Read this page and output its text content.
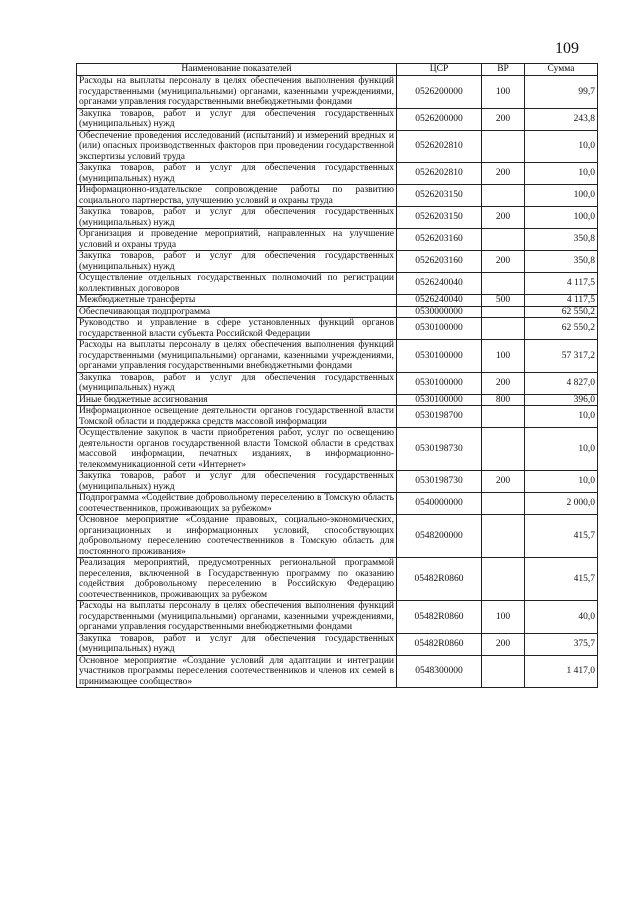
109
Наименование показателей	ЦСР	ВР	Сумма
Расходы на выплаты персоналу в целях обеспечения выполнения функций государственными (муниципальными) органами, казенными учреждениями, органами управления государственными внебюджетными фондами	0526200000	100	99,7
Закупка товаров, работ и услуг для обеспечения государственных (муниципальных) нужд	0526200000	200	243,8
Обеспечение проведения исследований (испытаний) и измерений вредных и (или) опасных производственных факторов при проведении государственной экспертизы условий труда	0526202810		10,0
Закупка товаров, работ и услуг для обеспечения государственных (муниципальных) нужд	0526202810	200	10,0
Информационно-издательское сопровождение работы по развитию социального партнерства, улучшению условий и охраны труда	0526203150		100,0
Закупка товаров, работ и услуг для обеспечения государственных (муниципальных) нужд	0526203150	200	100,0
Организация и проведение мероприятий, направленных на улучшение условий и охраны труда	0526203160		350,8
Закупка товаров, работ и услуг для обеспечения государственных (муниципальных) нужд	0526203160	200	350,8
Осуществление отдельных государственных полномочий по регистрации коллективных договоров	0526240040		4 117,5
Межбюджетные трансферты	0526240040	500	4 117,5
Обеспечивающая подпрограмма	0530000000		62 550,2
Руководство и управление в сфере установленных функций органов государственной власти субъекта Российской Федерации	0530100000		62 550,2
Расходы на выплаты персоналу в целях обеспечения выполнения функций государственными (муниципальными) органами, казенными учреждениями, органами управления государственными внебюджетными фондами	0530100000	100	57 317,2
Закупка товаров, работ и услуг для обеспечения государственных (муниципальных) нужд	0530100000	200	4 827,0
Иные бюджетные ассигнования	0530100000	800	396,0
Информационное освещение деятельности органов государственной власти Томской области и поддержка средств массовой информации	0530198700		10,0
Осуществление закупок в части приобретения работ, услуг по освещению деятельности органов государственной власти Томской области в средствах массовой информации, печатных изданиях, в информационно-телекоммуникационной сети «Интернет»	0530198730		10,0
Закупка товаров, работ и услуг для обеспечения государственных (муниципальных) нужд	0530198730	200	10,0
Подпрограмма «Содействие добровольному переселению в Томскую область соотечественников, проживающих за рубежом»	0540000000		2 000,0
Основное мероприятие «Создание правовых, социально-экономических, организационных и информационных условий, способствующих добровольному переселению соотечественников в Томскую область для постоянного проживания»	0548200000		415,7
Реализация мероприятий, предусмотренных региональной программой переселения, включенной в Государственную программу по оказанию содействия добровольному переселению в Российскую Федерацию соотечественников, проживающих за рубежом	05482R0860		415,7
Расходы на выплаты персоналу в целях обеспечения выполнения функций государственными (муниципальными) органами, казенными учреждениями, органами управления государственными внебюджетными фондами	05482R0860	100	40,0
Закупка товаров, работ и услуг для обеспечения государственных (муниципальных) нужд	05482R0860	200	375,7
Основное мероприятие «Создание условий для адаптации и интеграции участников программы переселения соотечественников и членов их семей в принимающее сообщество»	0548300000		1 417,0
